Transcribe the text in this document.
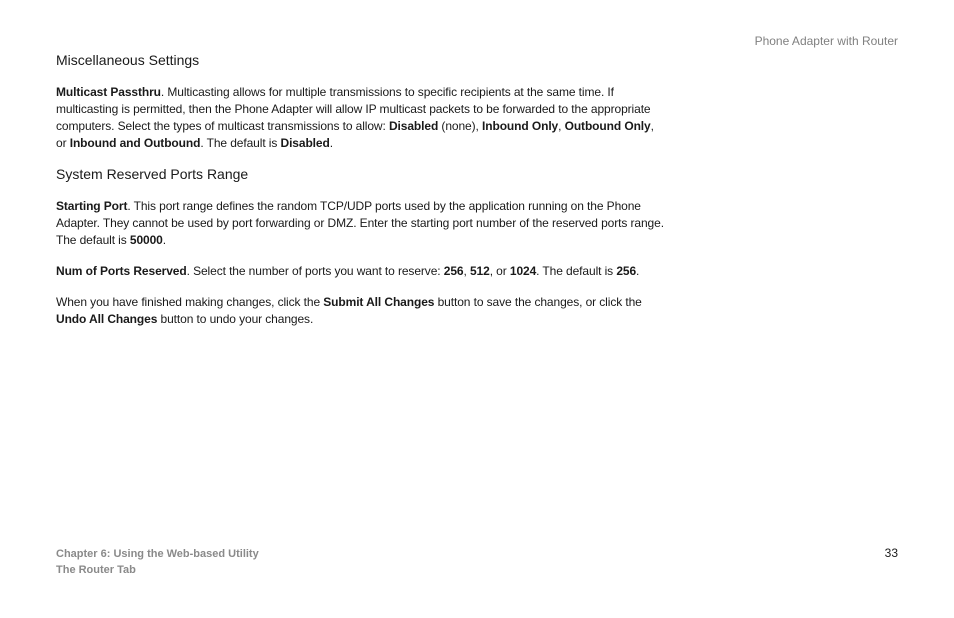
Phone Adapter with Router
Miscellaneous Settings

Multicast Passthru. Multicasting allows for multiple transmissions to specific recipients at the same time. If multicasting is permitted, then the Phone Adapter will allow IP multicast packets to be forwarded to the appropriate computers. Select the types of multicast transmissions to allow: Disabled (none), Inbound Only, Outbound Only, or Inbound and Outbound. The default is Disabled.

System Reserved Ports Range

Starting Port. This port range defines the random TCP/UDP ports used by the application running on the Phone Adapter. They cannot be used by port forwarding or DMZ. Enter the starting port number of the reserved ports range. The default is 50000.

Num of Ports Reserved. Select the number of ports you want to reserve: 256, 512, or 1024. The default is 256.

When you have finished making changes, click the Submit All Changes button to save the changes, or click the Undo All Changes button to undo your changes.

Chapter 6: Using the Web-based Utility
The Router Tab
33
